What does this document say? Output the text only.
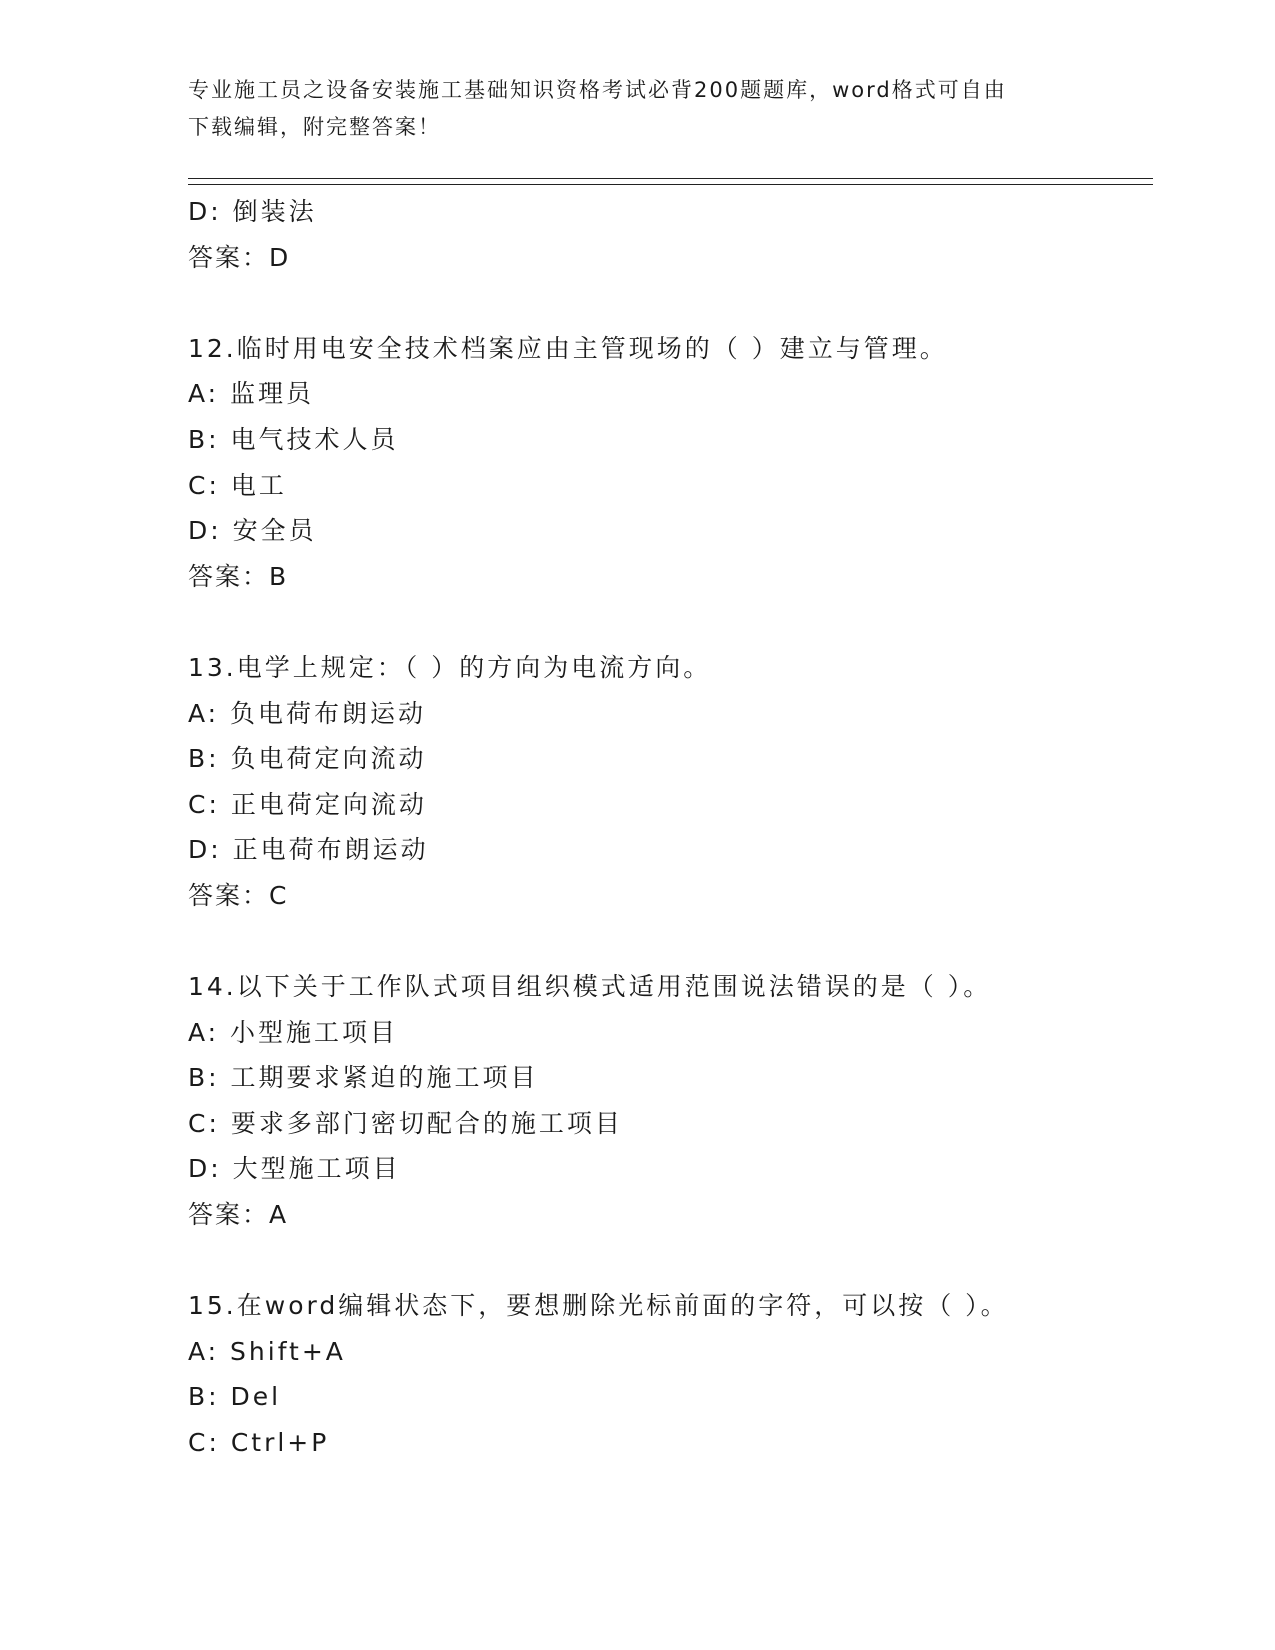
专业施工员之设备安装施工基础知识资格考试必背200题题库，word格式可自由
下载编辑，附完整答案！
D: 倒装法
答案：D
12.临时用电安全技术档案应由主管现场的（ ）建立与管理。
A: 监理员
B: 电气技术人员
C: 电工
D: 安全员
答案：B
13.电学上规定：（ ）的方向为电流方向。
A: 负电荷布朗运动
B: 负电荷定向流动
C: 正电荷定向流动
D: 正电荷布朗运动
答案：C
14.以下关于工作队式项目组织模式适用范围说法错误的是（ ）。
A: 小型施工项目
B: 工期要求紧迫的施工项目
C: 要求多部门密切配合的施工项目
D: 大型施工项目
答案：A
15.在word编辑状态下，要想删除光标前面的字符，可以按（ ）。
A: Shift+A
B: Del
C: Ctrl+P
